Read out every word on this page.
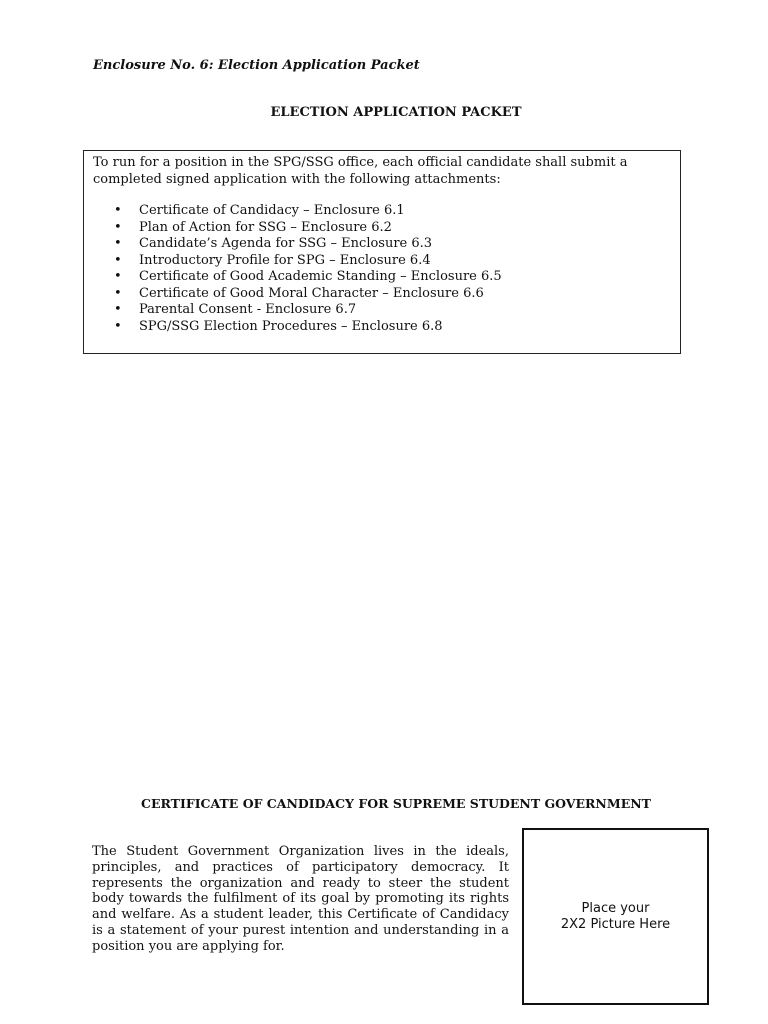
Enclosure No. 6: Election Application Packet
ELECTION APPLICATION PACKET

To run for a position in the SPG/SSG office, each official candidate shall submit a completed signed application with the following attachments:

• Certificate of Candidacy – Enclosure 6.1
• Plan of Action for SSG – Enclosure 6.2
• Candidate’s Agenda for SSG – Enclosure 6.3
• Introductory Profile for SPG – Enclosure 6.4
• Certificate of Good Academic Standing – Enclosure 6.5
• Certificate of Good Moral Character – Enclosure 6.6
• Parental Consent - Enclosure 6.7
• SPG/SSG Election Procedures – Enclosure 6.8
CERTIFICATE OF CANDIDACY FOR SUPREME STUDENT GOVERNMENT

The Student Government Organization lives in the ideals, principles, and practices of participatory democracy. It represents the organization and ready to steer the student body towards the fulfilment of its goal by promoting its rights and welfare. As a student leader, this Certificate of Candidacy is a statement of your purest intention and understanding in a position you are applying for.

Place your
2X2 Picture Here
